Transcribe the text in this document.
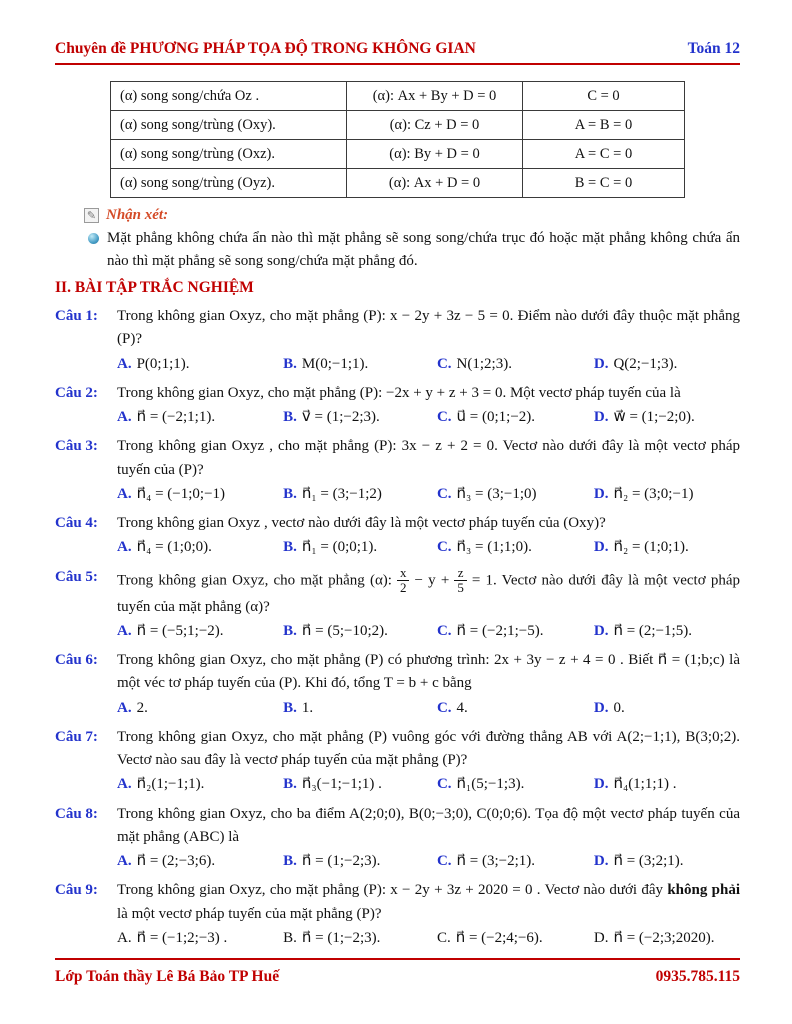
Chuyên đề PHƯƠNG PHÁP TỌA ĐỘ TRONG KHÔNG GIAN	Toán 12
(α) song song/chứa Oz .	(α): Ax + By + D = 0	C = 0
(α) song song/trùng (Oxy).	(α): Cz + D = 0	A = B = 0
(α) song song/trùng (Oxz).	(α): By + D = 0	A = C = 0
(α) song song/trùng (Oyz).	(α): Ax + D = 0	B = C = 0
✎ Nhận xét:

Mặt phẳng không chứa ẩn nào thì mặt phẳng sẽ song song/chứa trục đó hoặc mặt phẳng không chứa ẩn nào thì mặt phẳng sẽ song song/chứa mặt phẳng đó.

II. BÀI TẬP TRẮC NGHIỆM
Câu 1:	Trong không gian Oxyz, cho mặt phẳng (P): x − 2y + 3z − 5 = 0. Điểm nào dưới đây thuộc mặt phẳng (P)?

A. P(0;1;1).	B. M(0;−1;1).	C. N(1;2;3).	D. Q(2;−1;3).
Câu 2:	Trong không gian Oxyz, cho mặt phẳng (P): −2x + y + z + 3 = 0. Một vectơ pháp tuyến của là

A. n⃗ = (−2;1;1).	B. v⃗ = (1;−2;3).	C. u⃗ = (0;1;−2).	D. w⃗ = (1;−2;0).
Câu 3:	Trong không gian Oxyz , cho mặt phẳng (P): 3x − z + 2 = 0. Vectơ nào dưới đây là một vectơ pháp tuyến của (P)?

A. n⃗₄ = (−1;0;−1)	B. n⃗₁ = (3;−1;2)	C. n⃗₃ = (3;−1;0)	D. n⃗₂ = (3;0;−1)
Câu 4:	Trong không gian Oxyz , vectơ nào dưới đây là một vectơ pháp tuyến của (Oxy)?

A. n⃗₄ = (1;0;0).	B. n⃗₁ = (0;0;1).	C. n⃗₃ = (1;1;0).	D. n⃗₂ = (1;0;1).
Câu 5:	Trong không gian Oxyz, cho mặt phẳng (α): $\frac{x}{2} - y + \frac{z}{5} = 1$. Vectơ nào dưới đây là một vectơ pháp tuyến của mặt phẳng (α)?

A. n⃗ = (−5;1;−2).	B. n⃗ = (5;−10;2).	C. n⃗ = (−2;1;−5).	D. n⃗ = (2;−1;5).
Câu 6:	Trong không gian Oxyz, cho mặt phẳng (P) có phương trình: 2x + 3y − z + 4 = 0 . Biết n⃗ = (1;b;c) là một véc tơ pháp tuyến của (P). Khi đó, tổng T = b + c bằng

A. 2.	B. 1.	C. 4.	D. 0.
Câu 7:	Trong không gian Oxyz, cho mặt phẳng (P) vuông góc với đường thẳng AB với A(2;−1;1), B(3;0;2). Vectơ nào sau đây là vectơ pháp tuyến của mặt phẳng (P)?

A. n⃗₂(1;−1;1).	B. n⃗₃(−1;−1;1) .	C. n⃗₁(5;−1;3).	D. n⃗₄(1;1;1) .
Câu 8:	Trong không gian Oxyz, cho ba điểm A(2;0;0), B(0;−3;0), C(0;0;6). Tọa độ một vectơ pháp tuyến của mặt phẳng (ABC) là

A. n⃗ = (2;−3;6).	B. n⃗ = (1;−2;3).	C. n⃗ = (3;−2;1).	D. n⃗ = (3;2;1).
Câu 9:	Trong không gian Oxyz, cho mặt phẳng (P): x − 2y + 3z + 2020 = 0 . Vectơ nào dưới đây không phải là một vectơ pháp tuyến của mặt phẳng (P)?

A. n⃗ = (−1;2;−3) .	B. n⃗ = (1;−2;3).	C. n⃗ = (−2;4;−6).	D. n⃗ = (−2;3;2020).
Lớp Toán thầy Lê Bá Bảo TP Huế	0935.785.115
